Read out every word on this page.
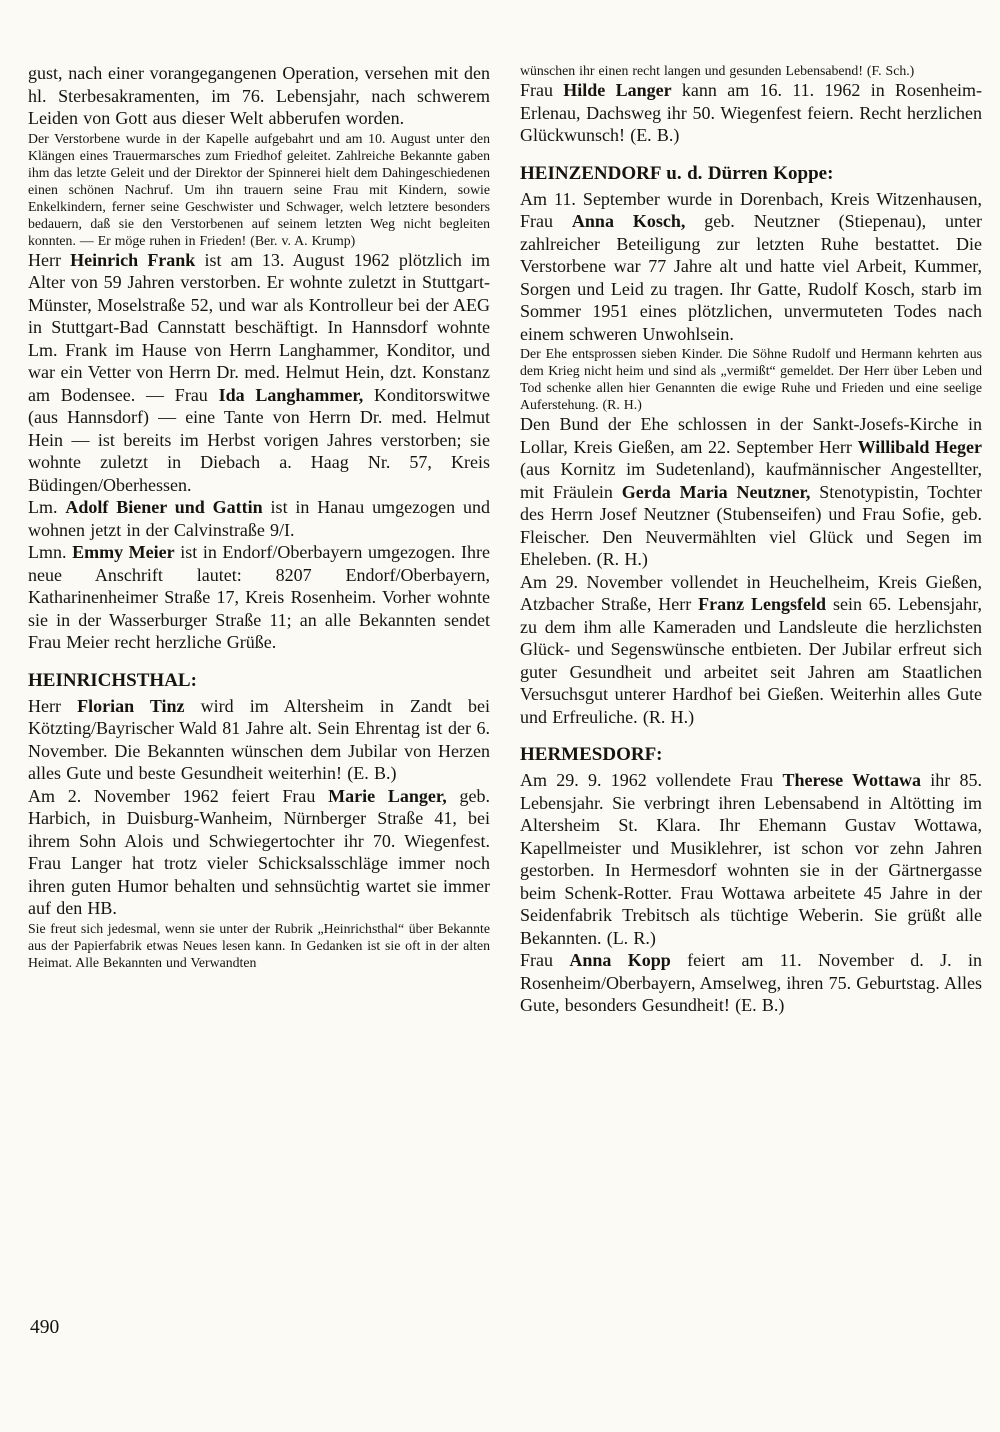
gust, nach einer vorangegangenen Operation, versehen mit den hl. Sterbesakramenten, im 76. Lebensjahr, nach schwerem Leiden von Gott aus dieser Welt abberufen worden.

Der Verstorbene wurde in der Kapelle aufgebahrt und am 10. August unter den Klängen eines Trauermarsches zum Friedhof geleitet. Zahlreiche Bekannte gaben ihm das letzte Geleit und der Direktor der Spinnerei hielt dem Dahingeschiedenen einen schönen Nachruf. Um ihn trauern seine Frau mit Kindern, sowie Enkelkindern, ferner seine Geschwister und Schwager, welch letztere besonders bedauern, daß sie den Verstorbenen auf seinem letzten Weg nicht begleiten konnten. — Er möge ruhen in Frieden! (Ber. v. A. Krump)

Herr Heinrich Frank ist am 13. August 1962 plötzlich im Alter von 59 Jahren verstorben. Er wohnte zuletzt in Stuttgart-Münster, Moselstraße 52, und war als Kontrolleur bei der AEG in Stuttgart-Bad Cannstatt beschäftigt. In Hannsdorf wohnte Lm. Frank im Hause von Herrn Langhammer, Konditor, und war ein Vetter von Herrn Dr. med. Helmut Hein, dzt. Konstanz am Bodensee. — Frau Ida Langhammer, Konditorswitwe (aus Hannsdorf) — eine Tante von Herrn Dr. med. Helmut Hein — ist bereits im Herbst vorigen Jahres verstorben; sie wohnte zuletzt in Diebach a. Haag Nr. 57, Kreis Büdingen/Oberhessen.

Lm. Adolf Biener und Gattin ist in Hanau umgezogen und wohnen jetzt in der Calvinstraße 9/I.

Lmn. Emmy Meier ist in Endorf/Oberbayern umgezogen. Ihre neue Anschrift lautet: 8207 Endorf/Oberbayern, Katharinenheimer Straße 17, Kreis Rosenheim. Vorher wohnte sie in der Wasserburger Straße 11; an alle Bekannten sendet Frau Meier recht herzliche Grüße.

HEINRICHSTHAL:

Herr Florian Tinz wird im Altersheim in Zandt bei Kötzting/Bayrischer Wald 81 Jahre alt. Sein Ehrentag ist der 6. November. Die Bekannten wünschen dem Jubilar von Herzen alles Gute und beste Gesundheit weiterhin! (E. B.)

Am 2. November 1962 feiert Frau Marie Langer, geb. Harbich, in Duisburg-Wanheim, Nürnberger Straße 41, bei ihrem Sohn Alois und Schwiegertochter ihr 70. Wiegenfest. Frau Langer hat trotz vieler Schicksalsschläge immer noch ihren guten Humor behalten und sehnsüchtig wartet sie immer auf den HB.

Sie freut sich jedesmal, wenn sie unter der Rubrik „Heinrichsthal“ über Bekannte aus der Papierfabrik etwas Neues lesen kann. In Gedanken ist sie oft in der alten Heimat. Alle Bekannten und Verwandten

wünschen ihr einen recht langen und gesunden Lebensabend! (F. Sch.)

Frau Hilde Langer kann am 16. 11. 1962 in Rosenheim-Erlenau, Dachsweg ihr 50. Wiegenfest feiern. Recht herzlichen Glückwunsch! (E. B.)

HEINZENDORF u. d. Dürren Koppe:

Am 11. September wurde in Dorenbach, Kreis Witzenhausen, Frau Anna Kosch, geb. Neutzner (Stiepenau), unter zahlreicher Beteiligung zur letzten Ruhe bestattet. Die Verstorbene war 77 Jahre alt und hatte viel Arbeit, Kummer, Sorgen und Leid zu tragen. Ihr Gatte, Rudolf Kosch, starb im Sommer 1951 eines plötzlichen, unvermuteten Todes nach einem schweren Unwohlsein.

Der Ehe entsprossen sieben Kinder. Die Söhne Rudolf und Hermann kehrten aus dem Krieg nicht heim und sind als „vermißt“ gemeldet. Der Herr über Leben und Tod schenke allen hier Genannten die ewige Ruhe und Frieden und eine seelige Auferstehung. (R. H.)

Den Bund der Ehe schlossen in der Sankt-Josefs-Kirche in Lollar, Kreis Gießen, am 22. September Herr Willibald Heger (aus Kornitz im Sudetenland), kaufmännischer Angestellter, mit Fräulein Gerda Maria Neutzner, Stenotypistin, Tochter des Herrn Josef Neutzner (Stubenseifen) und Frau Sofie, geb. Fleischer. Den Neuvermählten viel Glück und Segen im Eheleben. (R. H.)

Am 29. November vollendet in Heuchelheim, Kreis Gießen, Atzbacher Straße, Herr Franz Lengsfeld sein 65. Lebensjahr, zu dem ihm alle Kameraden und Landsleute die herzlichsten Glück- und Segenswünsche entbieten. Der Jubilar erfreut sich guter Gesundheit und arbeitet seit Jahren am Staatlichen Versuchsgut unterer Hardhof bei Gießen. Weiterhin alles Gute und Erfreuliche. (R. H.)

HERMESDORF:

Am 29. 9. 1962 vollendete Frau Therese Wottawa ihr 85. Lebensjahr. Sie verbringt ihren Lebensabend in Altötting im Altersheim St. Klara. Ihr Ehemann Gustav Wottawa, Kapellmeister und Musiklehrer, ist schon vor zehn Jahren gestorben. In Hermesdorf wohnten sie in der Gärtnergasse beim Schenk-Rotter. Frau Wottawa arbeitete 45 Jahre in der Seidenfabrik Trebitsch als tüchtige Weberin. Sie grüßt alle Bekannten. (L. R.)

Frau Anna Kopp feiert am 11. November d. J. in Rosenheim/Oberbayern, Amselweg, ihren 75. Geburtstag. Alles Gute, besonders Gesundheit! (E. B.)

490
